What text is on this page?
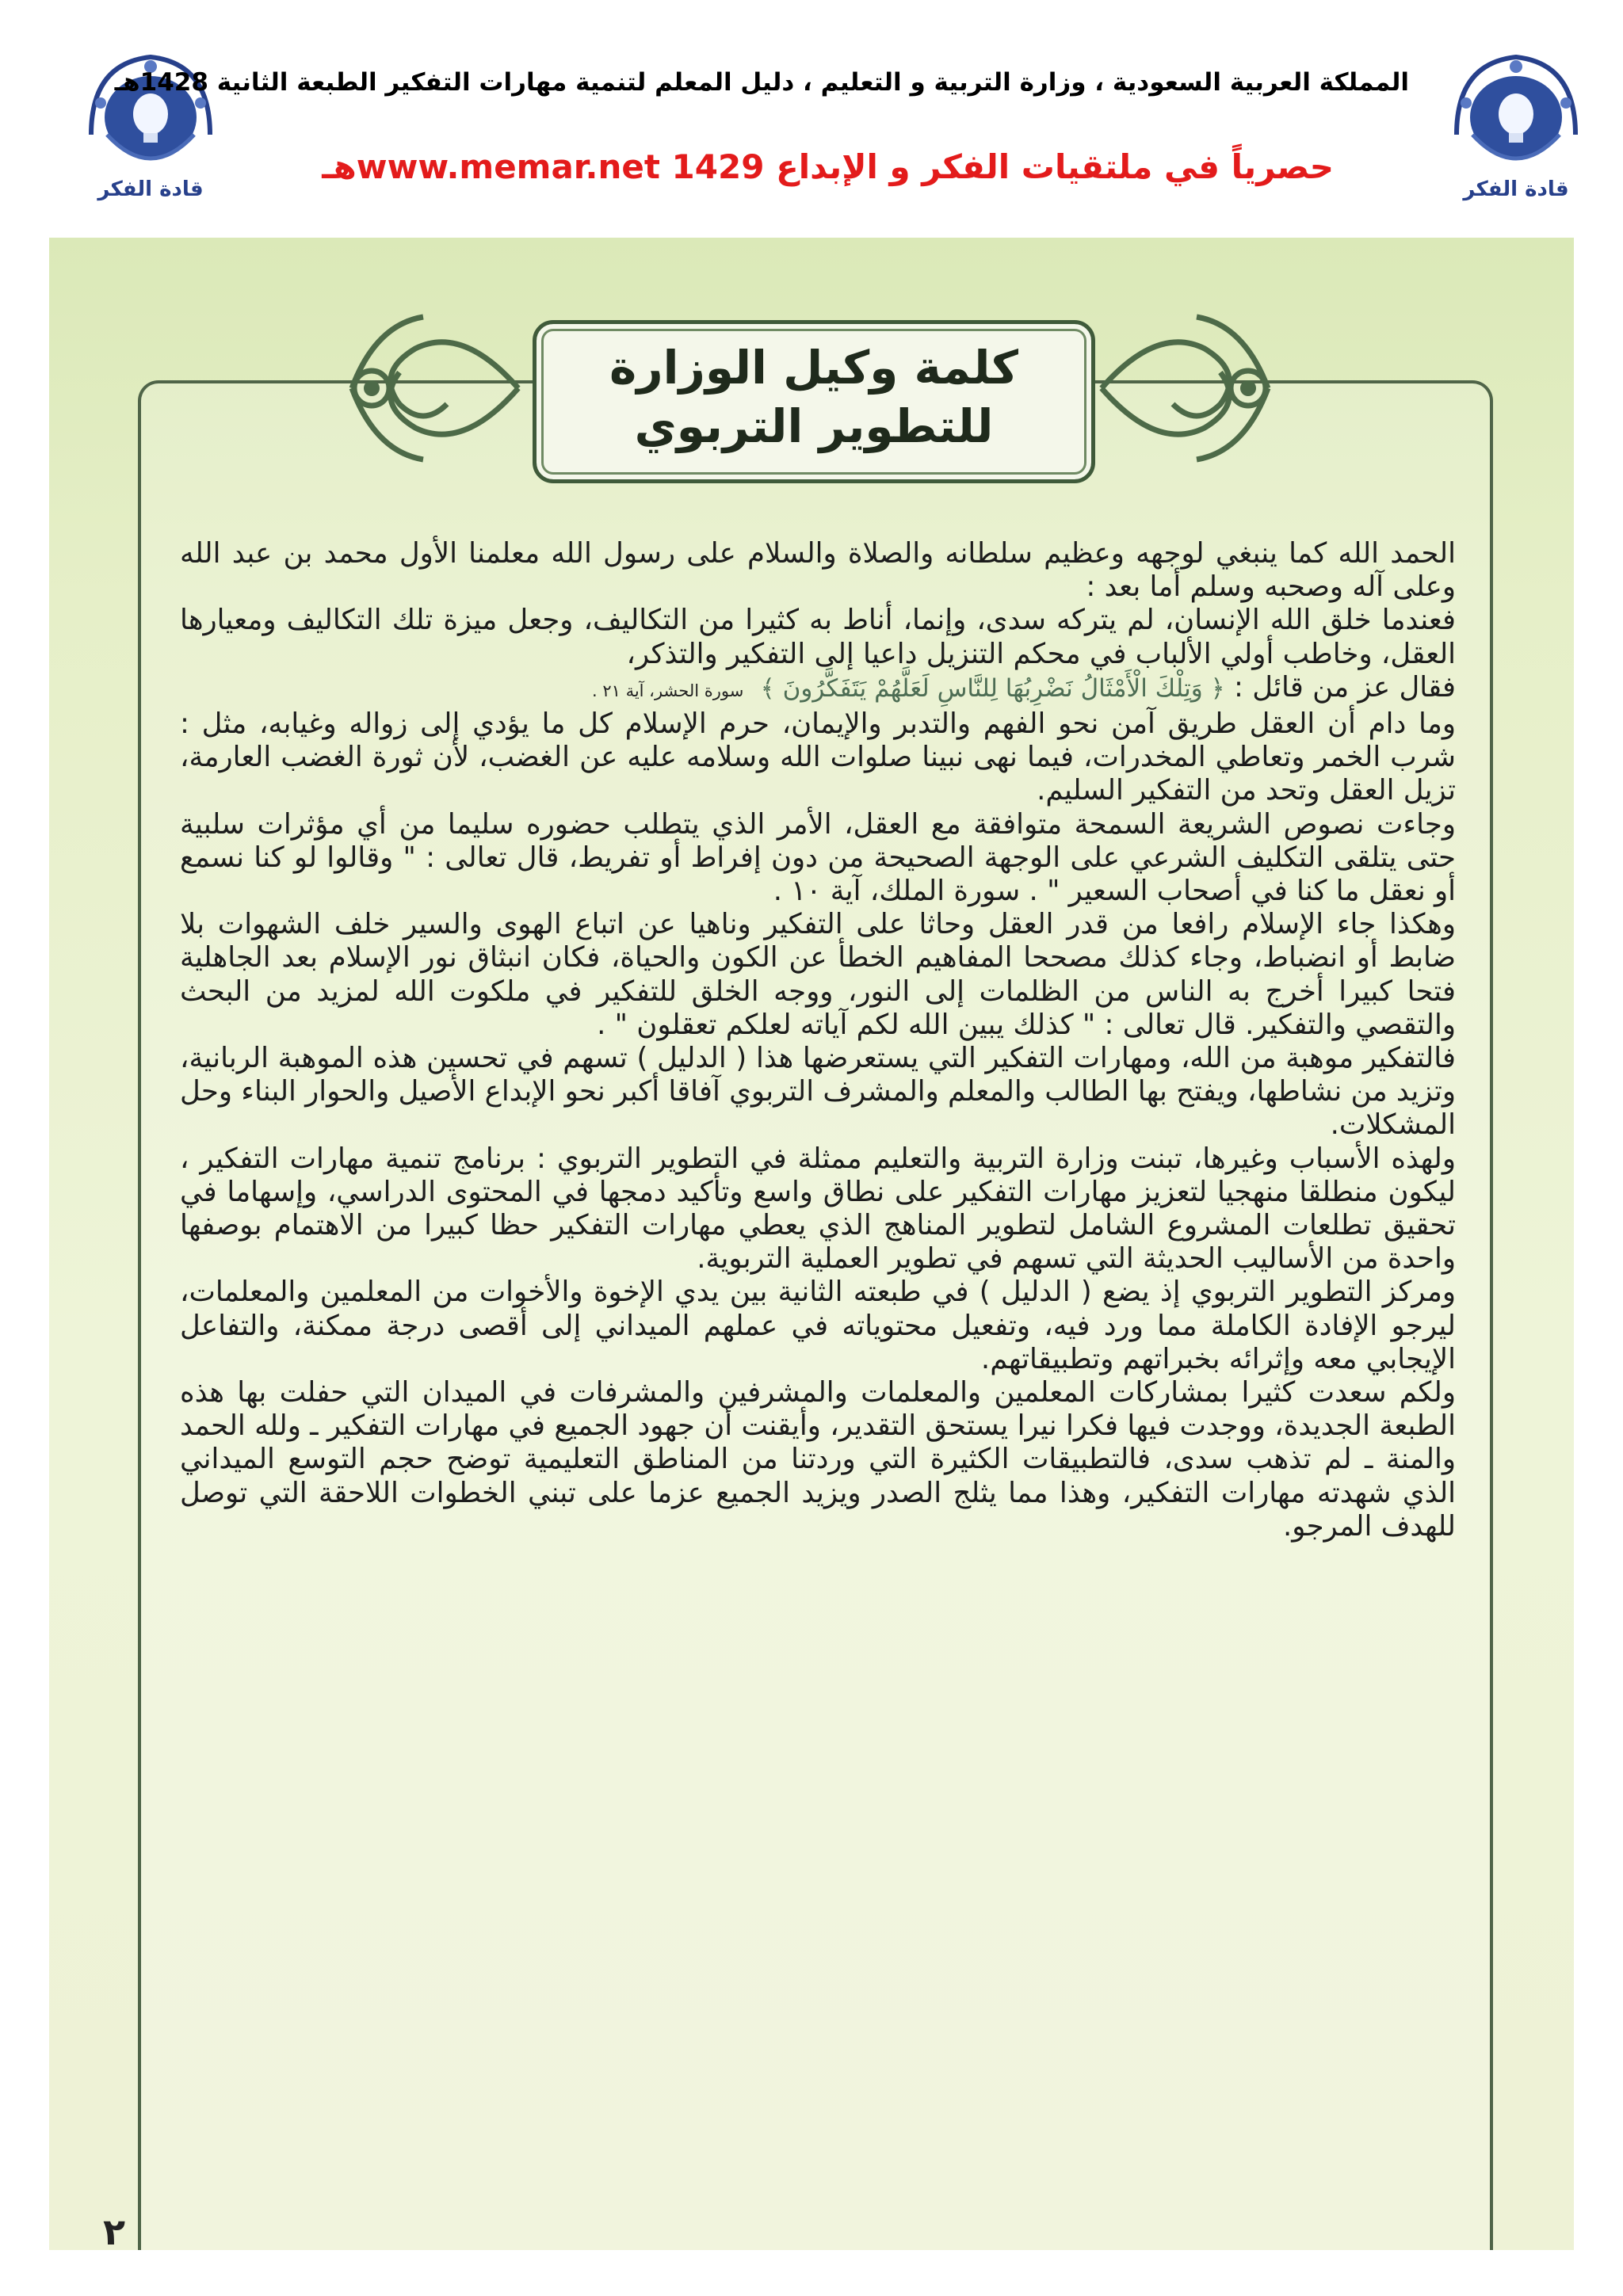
قادة الفكر
قادة الفكر
المملكة العربية السعودية ، وزارة التربية و التعليم ، دليل المعلم لتنمية مهارات التفكير الطبعة الثانية 1428هـ
حصرياً في ملتقيات الفكر و الإبداع www.memar.net 1429هـ
كلمة وكيل الوزارة
للتطوير التربوي

الحمد الله كما ينبغي لوجهه وعظيم سلطانه والصلاة والسلام على رسول الله معلمنا الأول محمد بن عبد الله وعلى آله وصحبه وسلم أما بعد :

فعندما خلق الله الإنسان، لم يتركه سدى، وإنما، أناط به كثيرا من التكاليف، وجعل ميزة تلك التكاليف ومعيارها العقل، وخاطب أولي الألباب في محكم التنزيل داعيا إلى التفكير والتذكر،

فقال عز من قائل : ﴿ وَتِلْكَ الْأَمْثَالُ نَضْرِبُهَا لِلنَّاسِ لَعَلَّهُمْ يَتَفَكَّرُونَ ﴾ سورة الحشر، آية ٢١ .

وما دام أن العقل طريق آمن نحو الفهم والتدبر والإيمان، حرم الإسلام كل ما يؤدي إلى زواله وغيابه، مثل : شرب الخمر وتعاطي المخدرات، فيما نهى نبينا صلوات الله وسلامه عليه عن الغضب، لأن ثورة الغضب العارمة، تزيل العقل وتحد من التفكير السليم.

وجاءت نصوص الشريعة السمحة متوافقة مع العقل، الأمر الذي يتطلب حضوره سليما من أي مؤثرات سلبية حتى يتلقى التكليف الشرعي على الوجهة الصحيحة من دون إفراط أو تفريط، قال تعالى : " وقالوا لو كنا نسمع أو نعقل ما كنا في أصحاب السعير " . سورة الملك، آية ١٠ .

وهكذا جاء الإسلام رافعا من قدر العقل وحاثا على التفكير وناهيا عن اتباع الهوى والسير خلف الشهوات بلا ضابط أو انضباط، وجاء كذلك مصححا المفاهيم الخطأ عن الكون والحياة، فكان انبثاق نور الإسلام بعد الجاهلية فتحا كبيرا أخرج به الناس من الظلمات إلى النور، ووجه الخلق للتفكير في ملكوت الله لمزيد من البحث والتقصي والتفكير. قال تعالى : " كذلك يبين الله لكم آياته لعلكم تعقلون " .

فالتفكير موهبة من الله، ومهارات التفكير التي يستعرضها هذا ( الدليل ) تسهم في تحسين هذه الموهبة الربانية، وتزيد من نشاطها، ويفتح بها الطالب والمعلم والمشرف التربوي آفاقا أكبر نحو الإبداع الأصيل والحوار البناء وحل المشكلات.

ولهذه الأسباب وغيرها، تبنت وزارة التربية والتعليم ممثلة في التطوير التربوي : برنامج تنمية مهارات التفكير ، ليكون منطلقا منهجيا لتعزيز مهارات التفكير على نطاق واسع وتأكيد دمجها في المحتوى الدراسي، وإسهاما في تحقيق تطلعات المشروع الشامل لتطوير المناهج الذي يعطي مهارات التفكير حظا كبيرا من الاهتمام بوصفها واحدة من الأساليب الحديثة التي تسهم في تطوير العملية التربوية.

ومركز التطوير التربوي إذ يضع ( الدليل ) في طبعته الثانية بين يدي الإخوة والأخوات من المعلمين والمعلمات، ليرجو الإفادة الكاملة مما ورد فيه، وتفعيل محتوياته في عملهم الميداني إلى أقصى درجة ممكنة، والتفاعل الإيجابي معه وإثرائه بخبراتهم وتطبيقاتهم.

ولكم سعدت كثيرا بمشاركات المعلمين والمعلمات والمشرفين والمشرفات في الميدان التي حفلت بها هذه الطبعة الجديدة، ووجدت فيها فكرا نيرا يستحق التقدير، وأيقنت أن جهود الجميع في مهارات التفكير ـ ولله الحمد والمنة ـ لم تذهب سدى، فالتطبيقات الكثيرة التي وردتنا من المناطق التعليمية توضح حجم التوسع الميداني الذي شهدته مهارات التفكير، وهذا مما يثلج الصدر ويزيد الجميع عزما على تبني الخطوات اللاحقة التي توصل للهدف المرجو.

٢
